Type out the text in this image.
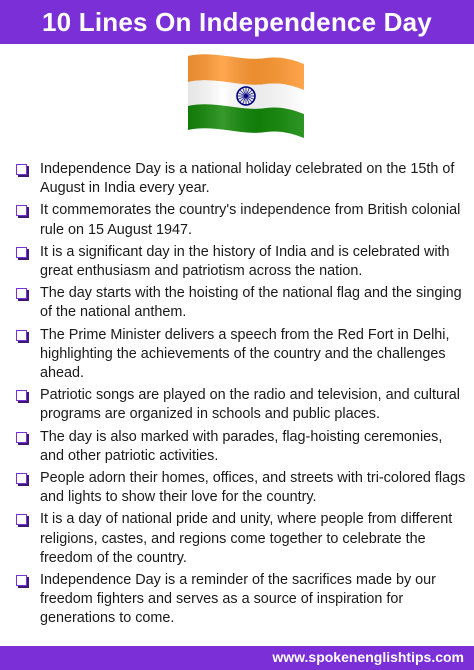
10 Lines On Independence Day
Independence Day is a national holiday celebrated on the 15th of August in India every year.
It commemorates the country's independence from British colonial rule on 15 August 1947.
It is a significant day in the history of India and is celebrated with great enthusiasm and patriotism across the nation.
The day starts with the hoisting of the national flag and the singing of the national anthem.
The Prime Minister delivers a speech from the Red Fort in Delhi, highlighting the achievements of the country and the challenges ahead.
Patriotic songs are played on the radio and television, and cultural programs are organized in schools and public places.
The day is also marked with parades, flag-hoisting ceremonies, and other patriotic activities.
People adorn their homes, offices, and streets with tri-colored flags and lights to show their love for the country.
It is a day of national pride and unity, where people from different religions, castes, and regions come together to celebrate the freedom of the country.
Independence Day is a reminder of the sacrifices made by our freedom fighters and serves as a source of inspiration for generations to come.
www.spokenenglishtips.com
